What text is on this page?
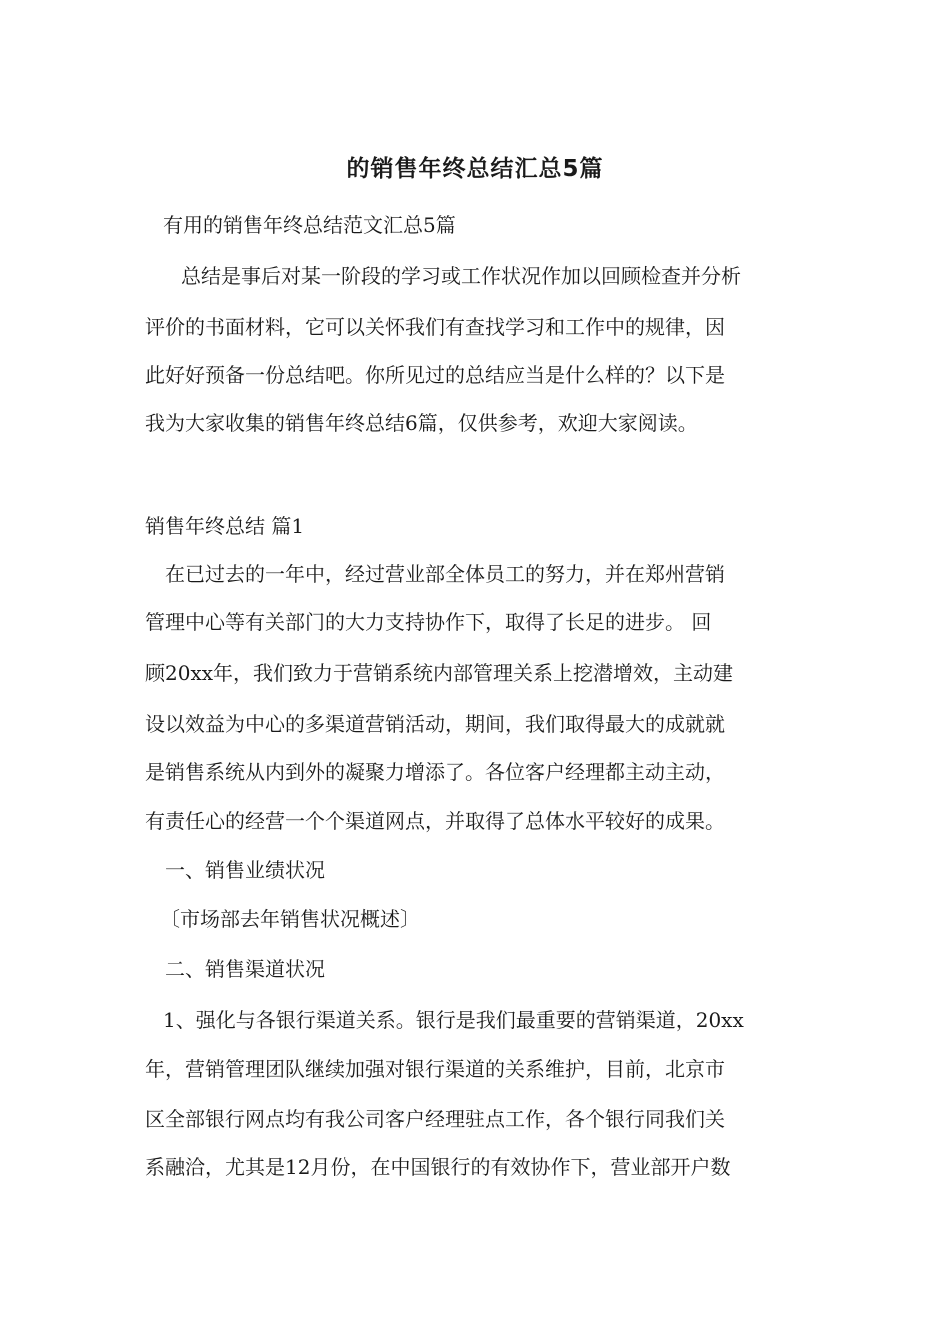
的销售年终总结汇总5篇
有用的销售年终总结范文汇总5篇
总结是事后对某一阶段的学习或工作状况作加以回顾检查并分析
评价的书面材料，它可以关怀我们有查找学习和工作中的规律，因
此好好预备一份总结吧。你所见过的总结应当是什么样的？以下是
我为大家收集的销售年终总结6篇，仅供参考，欢迎大家阅读。
销售年终总结 篇1
在已过去的一年中，经过营业部全体员工的努力，并在郑州营销
管理中心等有关部门的大力支持协作下，取得了长足的进步。 回
顾20xx年，我们致力于营销系统内部管理关系上挖潜增效，主动建
设以效益为中心的多渠道营销活动，期间，我们取得最大的成就就
是销售系统从内到外的凝聚力增添了。各位客户经理都主动主动，
有责任心的经营一个个渠道网点，并取得了总体水平较好的成果。
一、销售业绩状况
〔市场部去年销售状况概述〕
二、销售渠道状况
1、强化与各银行渠道关系。银行是我们最重要的营销渠道，20xx
年，营销管理团队继续加强对银行渠道的关系维护，目前，北京市
区全部银行网点均有我公司客户经理驻点工作，各个银行同我们关
系融洽，尤其是12月份，在中国银行的有效协作下，营业部开户数
